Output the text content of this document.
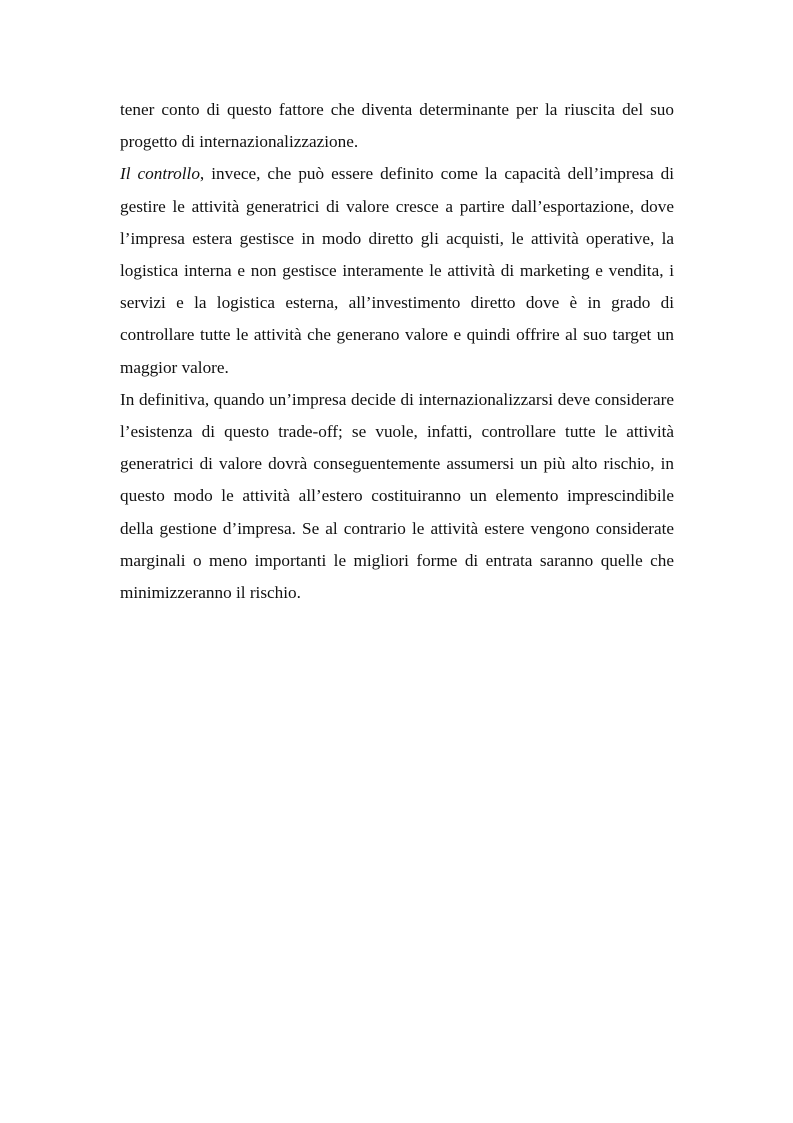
tener conto di questo fattore che diventa determinante per la riuscita del suo progetto di internazionalizzazione.

Il controllo, invece, che può essere definito come la capacità dell’impresa di gestire le attività generatrici di valore cresce a partire dall’esportazione, dove l’impresa estera gestisce in modo diretto gli acquisti, le attività operative, la logistica interna e non gestisce interamente le attività di marketing e vendita, i servizi e la logistica esterna, all’investimento diretto dove è in grado di controllare tutte le attività che generano valore e quindi offrire al suo target un maggior valore.

In definitiva, quando un’impresa decide di internazionalizzarsi deve considerare l’esistenza di questo trade-off; se vuole, infatti, controllare tutte le attività generatrici di valore dovrà conseguentemente assumersi un più alto rischio, in questo modo le attività all’estero costituiranno un elemento imprescindibile della gestione d’impresa. Se al contrario le attività estere vengono considerate marginali o meno importanti le migliori forme di entrata saranno quelle che minimizzeranno il rischio.
